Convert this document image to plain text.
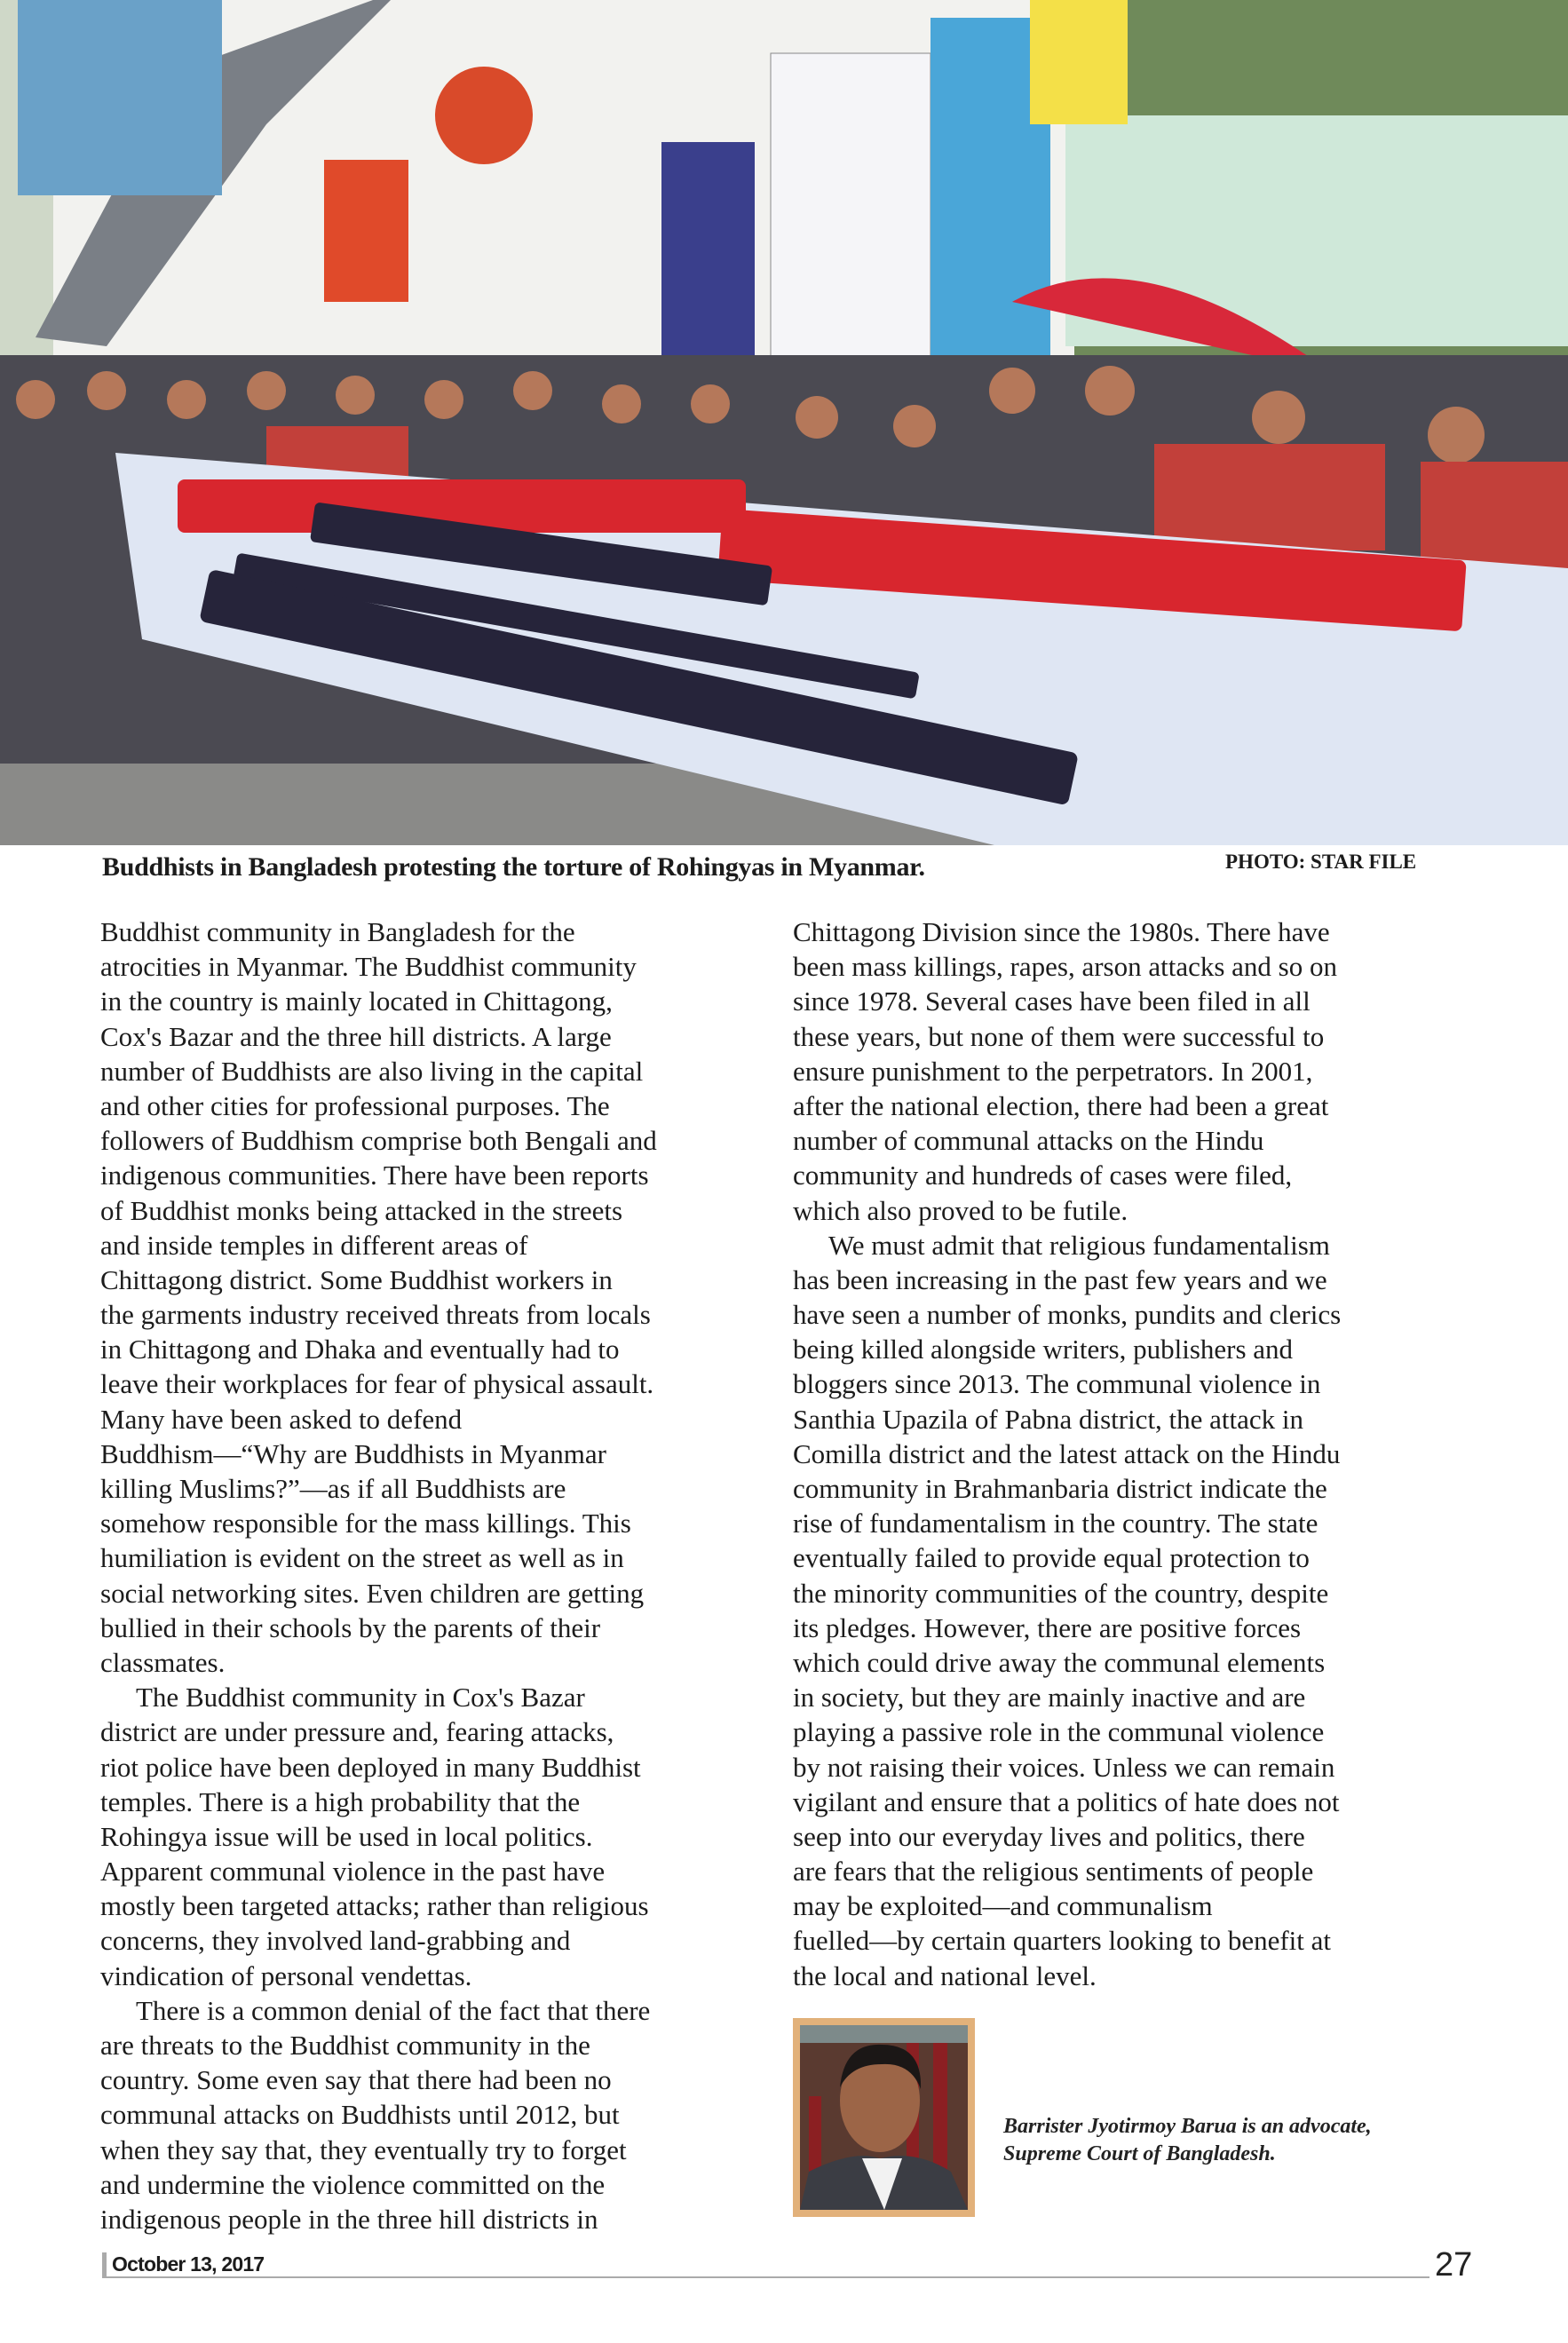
Buddhists in Bangladesh protesting the torture of Rohingyas in Myanmar.	PHOTO: STAR FILE
Buddhist community in Bangladesh for the
atrocities in Myanmar. The Buddhist community
in the country is mainly located in Chittagong,
Cox's Bazar and the three hill districts. A large
number of Buddhists are also living in the capital
and other cities for professional purposes. The
followers of Buddhism comprise both Bengali and
indigenous communities. There have been reports
of Buddhist monks being attacked in the streets
and inside temples in different areas of
Chittagong district. Some Buddhist workers in
the garments industry received threats from locals
in Chittagong and Dhaka and eventually had to
leave their workplaces for fear of physical assault.
Many have been asked to defend
Buddhism—“Why are Buddhists in Myanmar
killing Muslims?”—as if all Buddhists are
somehow responsible for the mass killings. This
humiliation is evident on the street as well as in
social networking sites. Even children are getting
bullied in their schools by the parents of their
classmates.
The Buddhist community in Cox's Bazar
district are under pressure and, fearing attacks,
riot police have been deployed in many Buddhist
temples. There is a high probability that the
Rohingya issue will be used in local politics.
Apparent communal violence in the past have
mostly been targeted attacks; rather than religious
concerns, they involved land-grabbing and
vindication of personal vendettas.
There is a common denial of the fact that there
are threats to the Buddhist community in the
country. Some even say that there had been no
communal attacks on Buddhists until 2012, but
when they say that, they eventually try to forget
and undermine the violence committed on the
indigenous people in the three hill districts in
Chittagong Division since the 1980s. There have
been mass killings, rapes, arson attacks and so on
since 1978. Several cases have been filed in all
these years, but none of them were successful to
ensure punishment to the perpetrators. In 2001,
after the national election, there had been a great
number of communal attacks on the Hindu
community and hundreds of cases were filed,
which also proved to be futile.
We must admit that religious fundamentalism
has been increasing in the past few years and we
have seen a number of monks, pundits and clerics
being killed alongside writers, publishers and
bloggers since 2013. The communal violence in
Santhia Upazila of Pabna district, the attack in
Comilla district and the latest attack on the Hindu
community in Brahmanbaria district indicate the
rise of fundamentalism in the country. The state
eventually failed to provide equal protection to
the minority communities of the country, despite
its pledges. However, there are positive forces
which could drive away the communal elements
in society, but they are mainly inactive and are
playing a passive role in the communal violence
by not raising their voices. Unless we can remain
vigilant and ensure that a politics of hate does not
seep into our everyday lives and politics, there
are fears that the religious sentiments of people
may be exploited—and communalism
fuelled—by certain quarters looking to benefit at
the local and national level.
Barrister Jyotirmoy Barua is an advocate,
Supreme Court of Bangladesh.
October 13, 2017	27
